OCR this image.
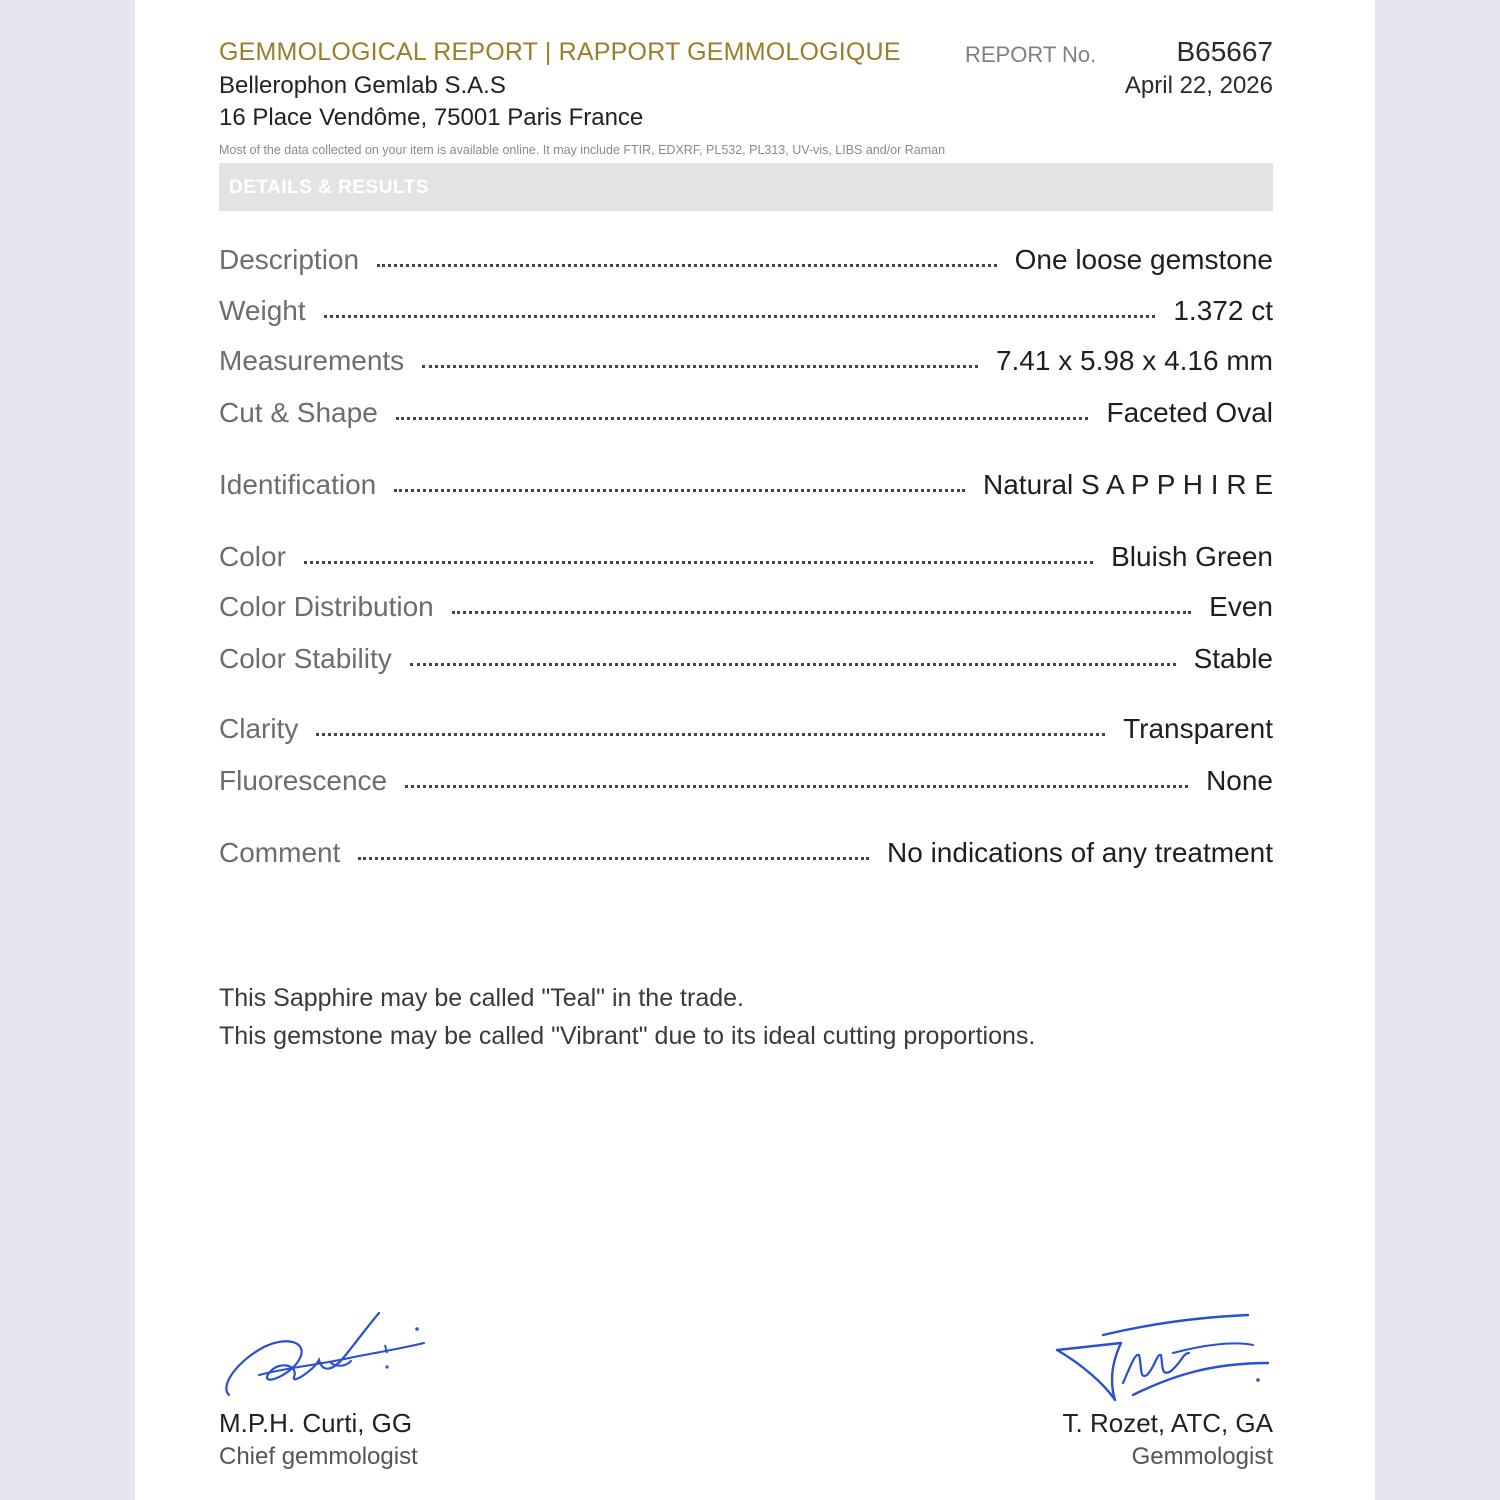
GEMMOLOGICAL REPORT | RAPPORT GEMMOLOGIQUE	REPORT No.	B65667
April 22, 2026
Bellerophon Gemlab S.A.S
16 Place Vendôme, 75001 Paris France
Most of the data collected on your item is available online. It may include FTIR, EDXRF, PL532, PL313, UV-vis, LIBS and/or Raman
DETAILS & RESULTS
Description	One loose gemstone
Weight	1.372 ct
Measurements	7.41 x 5.98 x 4.16 mm
Cut & Shape	Faceted Oval
Identification	Natural S A P P H I R E
Color	Bluish Green
Color Distribution	Even
Color Stability	Stable
Clarity	Transparent
Fluorescence	None
Comment	No indications of any treatment
This Sapphire may be called "Teal" in the trade.
This gemstone may be called "Vibrant" due to its ideal cutting proportions.
M.P.H. Curti, GG
Chief gemmologist
T. Rozet, ATC, GA
Gemmologist
